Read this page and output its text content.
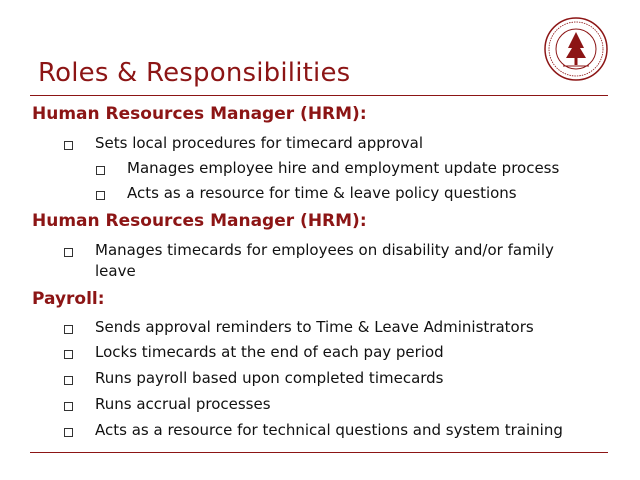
Roles & Responsibilities
Human Resources Manager (HRM):
Sets local procedures for timecard approval
Manages employee hire and employment update process
Acts as a resource for time & leave policy questions
Human Resources Manager (HRM):
Manages timecards for employees on disability and/or family leave
Payroll:
Sends approval reminders to Time & Leave Administrators
Locks timecards at the end of each pay period
Runs payroll based upon completed timecards
Runs accrual processes
Acts as a resource for technical questions and system training
